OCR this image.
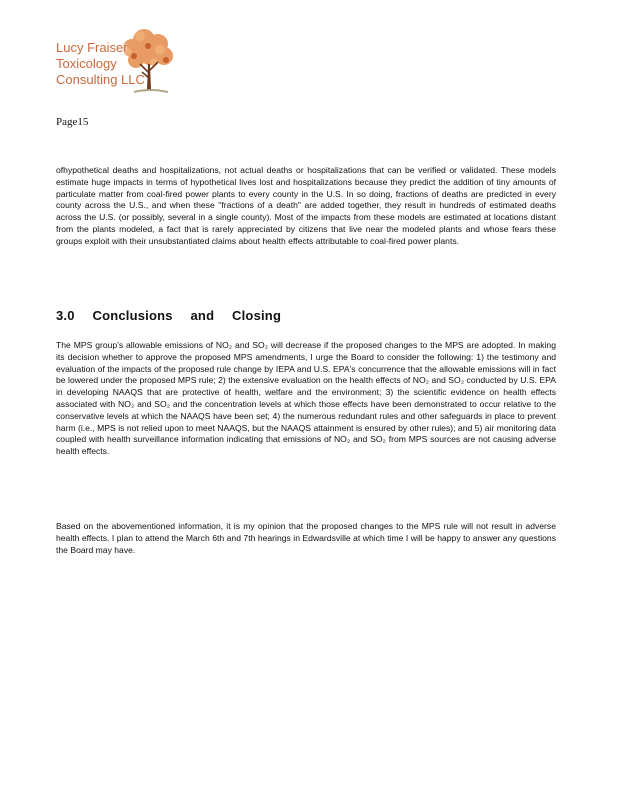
Lucy Fraiser
Toxicology
Consulting LLC
Page15
ofhypothetical deaths and hospitalizations, not actual deaths or hospitalizations that can be verified or validated. These models estimate huge impacts in terms of hypothetical lives lost and hospitalizations because they predict the addition of tiny amounts of particulate matter from coal-fired power plants to every county in the U.S. In so doing, fractions of deaths are predicted in every county across the U.S., and when these "fractions of a death" are added together, they result in hundreds of estimated deaths across the U.S. (or possibly, several in a single county). Most of the impacts from these models are estimated at locations distant from the plants modeled, a fact that is rarely appreciated by citizens that live near the modeled plants and whose fears these groups exploit with their unsubstantiated claims about health effects attributable to coal-fired power plants.
3.0 Conclusions and Closing
The MPS group's allowable emissions of NO₂ and SO₂ will decrease if the proposed changes to the MPS are adopted. In making its decision whether to approve the proposed MPS amendments, I urge the Board to consider the following: 1) the testimony and evaluation of the impacts of the proposed rule change by IEPA and U.S. EPA's concurrence that the allowable emissions will in fact be lowered under the proposed MPS rule; 2) the extensive evaluation on the health effects of NO₂ and SO₂ conducted by U.S. EPA in developing NAAQS that are protective of health, welfare and the environment; 3) the scientific evidence on health effects associated with NO₂ and SO₂ and the concentration levels at which those effects have been demonstrated to occur relative to the conservative levels at which the NAAQS have been set; 4) the numerous redundant rules and other safeguards in place to prevent harm (i.e., MPS is not relied upon to meet NAAQS, but the NAAQS attainment is ensured by other rules); and 5) air monitoring data coupled with health surveillance information indicating that emissions of NO₂ and SO₂ from MPS sources are not causing adverse health effects.
Based on the abovementioned information, it is my opinion that the proposed changes to the MPS rule will not result in adverse health effects. I plan to attend the March 6th and 7th hearings in Edwardsville at which time I will be happy to answer any questions the Board may have.
